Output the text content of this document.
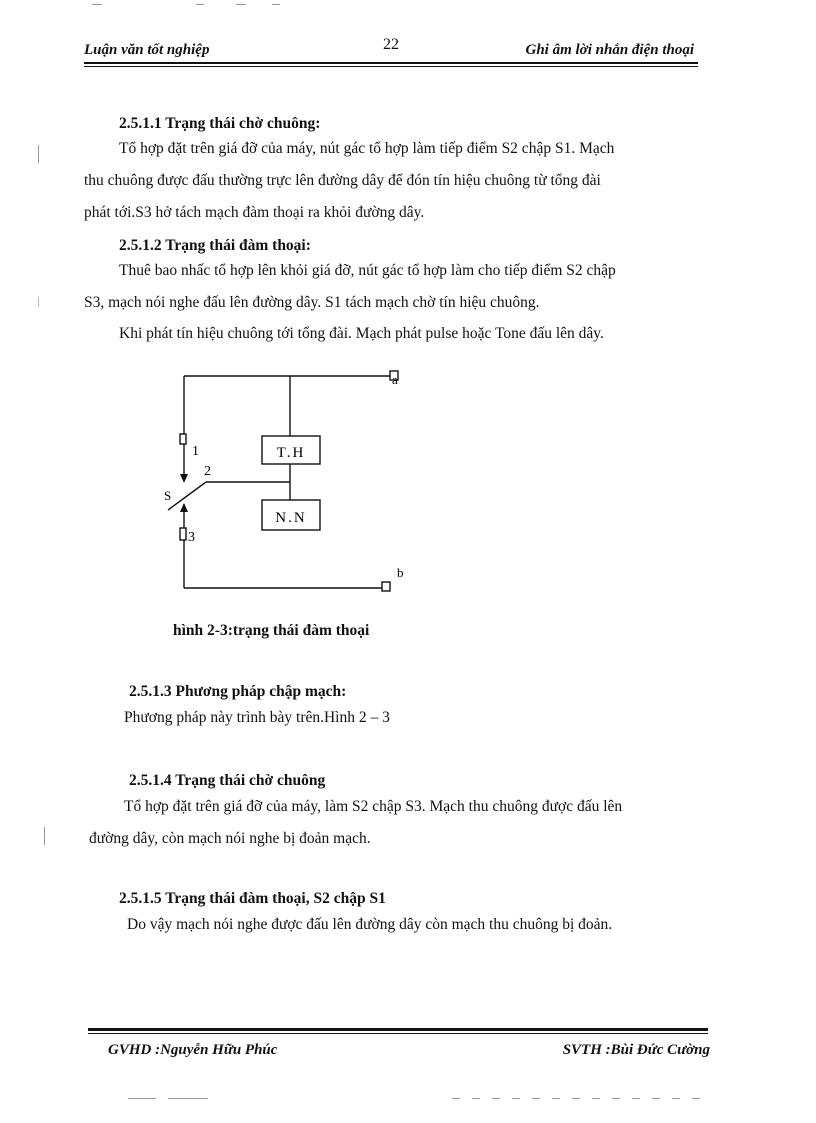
Luận văn tốt nghiệp	22	Ghi âm lời nhắn điện thoại
2.5.1.1 Trạng thái chờ chuông:
Tổ hợp đặt trên giá đỡ của máy, nút gác tổ hợp làm tiếp điểm S2 chập S1. Mạch
thu chuông được đấu thường trực lên đường dây để đón tín hiệu chuông từ tổng đài
phát tới.S3 hở tách mạch đàm thoại ra khỏi đường dây.
2.5.1.2 Trạng thái đàm thoại:
Thuê bao nhấc tổ hợp lên khỏi giá đỡ, nút gác tổ hợp làm cho tiếp điểm S2 chập
S3, mạch nói nghe đấu lên đường dây. S1 tách mạch chờ tín hiệu chuông.
Khi phát tín hiệu chuông tới tổng đài. Mạch phát pulse hoặc Tone đấu lên dây.
T.H
N.N
a
b
S
1
2
3
hình 2-3:trạng thái đàm thoại
2.5.1.3 Phương pháp chập mạch:
Phương pháp này trình bày trên.Hình 2 – 3
2.5.1.4 Trạng thái chờ chuông
Tổ hợp đặt trên giá đỡ của máy, làm S2 chập S3. Mạch thu chuông được đấu lên
đường dây, còn mạch nói nghe bị đoản mạch.
2.5.1.5 Trạng thái đàm thoại, S2 chập S1
Do vậy mạch nói nghe được đấu lên đường dây còn mạch thu chuông bị đoản.
GVHD :Nguyễn Hữu Phúc	SVTH :Bùi Đức Cường
